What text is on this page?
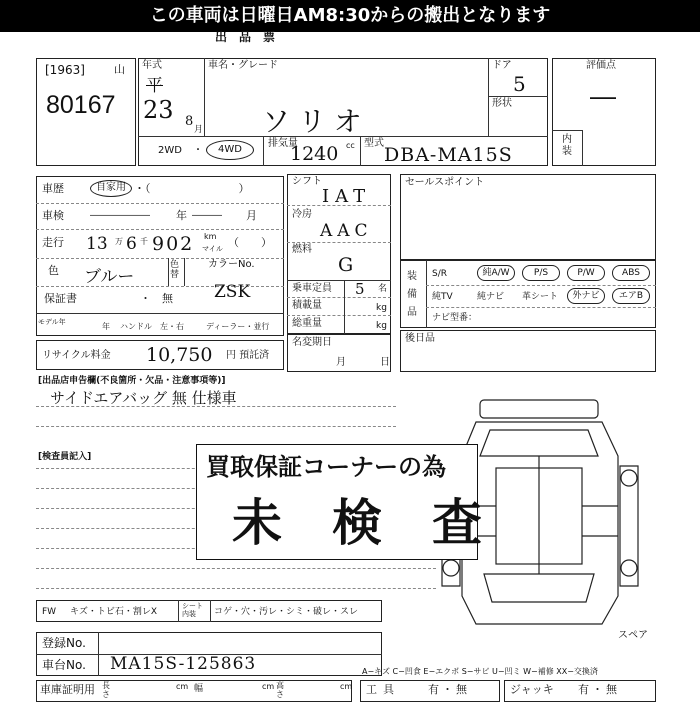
この車両は日曜日AM8:30からの搬出となります
出　品　票
[1963]	山
80167
年式
平
23 8
月
車名・グレード
ソリオ
ドア
5
形状
2WD	・	4WD
排気量
1240 cc 型式
DBA-MA15S
評価点
―
内装
車歴	自家用 ・（　　　　　　　　）
車検	―――――― 年 ――― 月
走行 13 万 6 千 902 km
マイル （　　）
色 ブルー
色替
カラーNo.
ZSK
保証書	・　無
モデル年	年 ハンドル　左・右	ディーラー・並行
リサイクル料金 10,750 円 預託済
シフト
IAT
冷房
AAC
燃料
G
乗車定員 5 名
積載量	kg
総重量	kg
名変期日
月	日
セールスポイント
装備品
S/R	純A/W	P/S	P/W	ABS
純TV	純ナビ	革シート	外ナビ	エアB
ナビ型番：
後日品
[出品店申告欄(不良箇所・欠品・注意事項等)]
サイドエアバッグ 無 仕様車
[検査員記入]
スペア
買取保証コーナーの為
未　検　査
FW キズ・トビ石・割レX
シート内装	コゲ・穴・汚レ・シミ・破レ・スレ
登録No.
車台No. MA15S-125863	A−キズ C−凹食 E−エクボ S−サビ U−凹ミ W−補修 XX−交換済
車庫証明用 長さ
cm 幅	cm 高さ
cm 工具	有・無	ジャッキ 有・無
